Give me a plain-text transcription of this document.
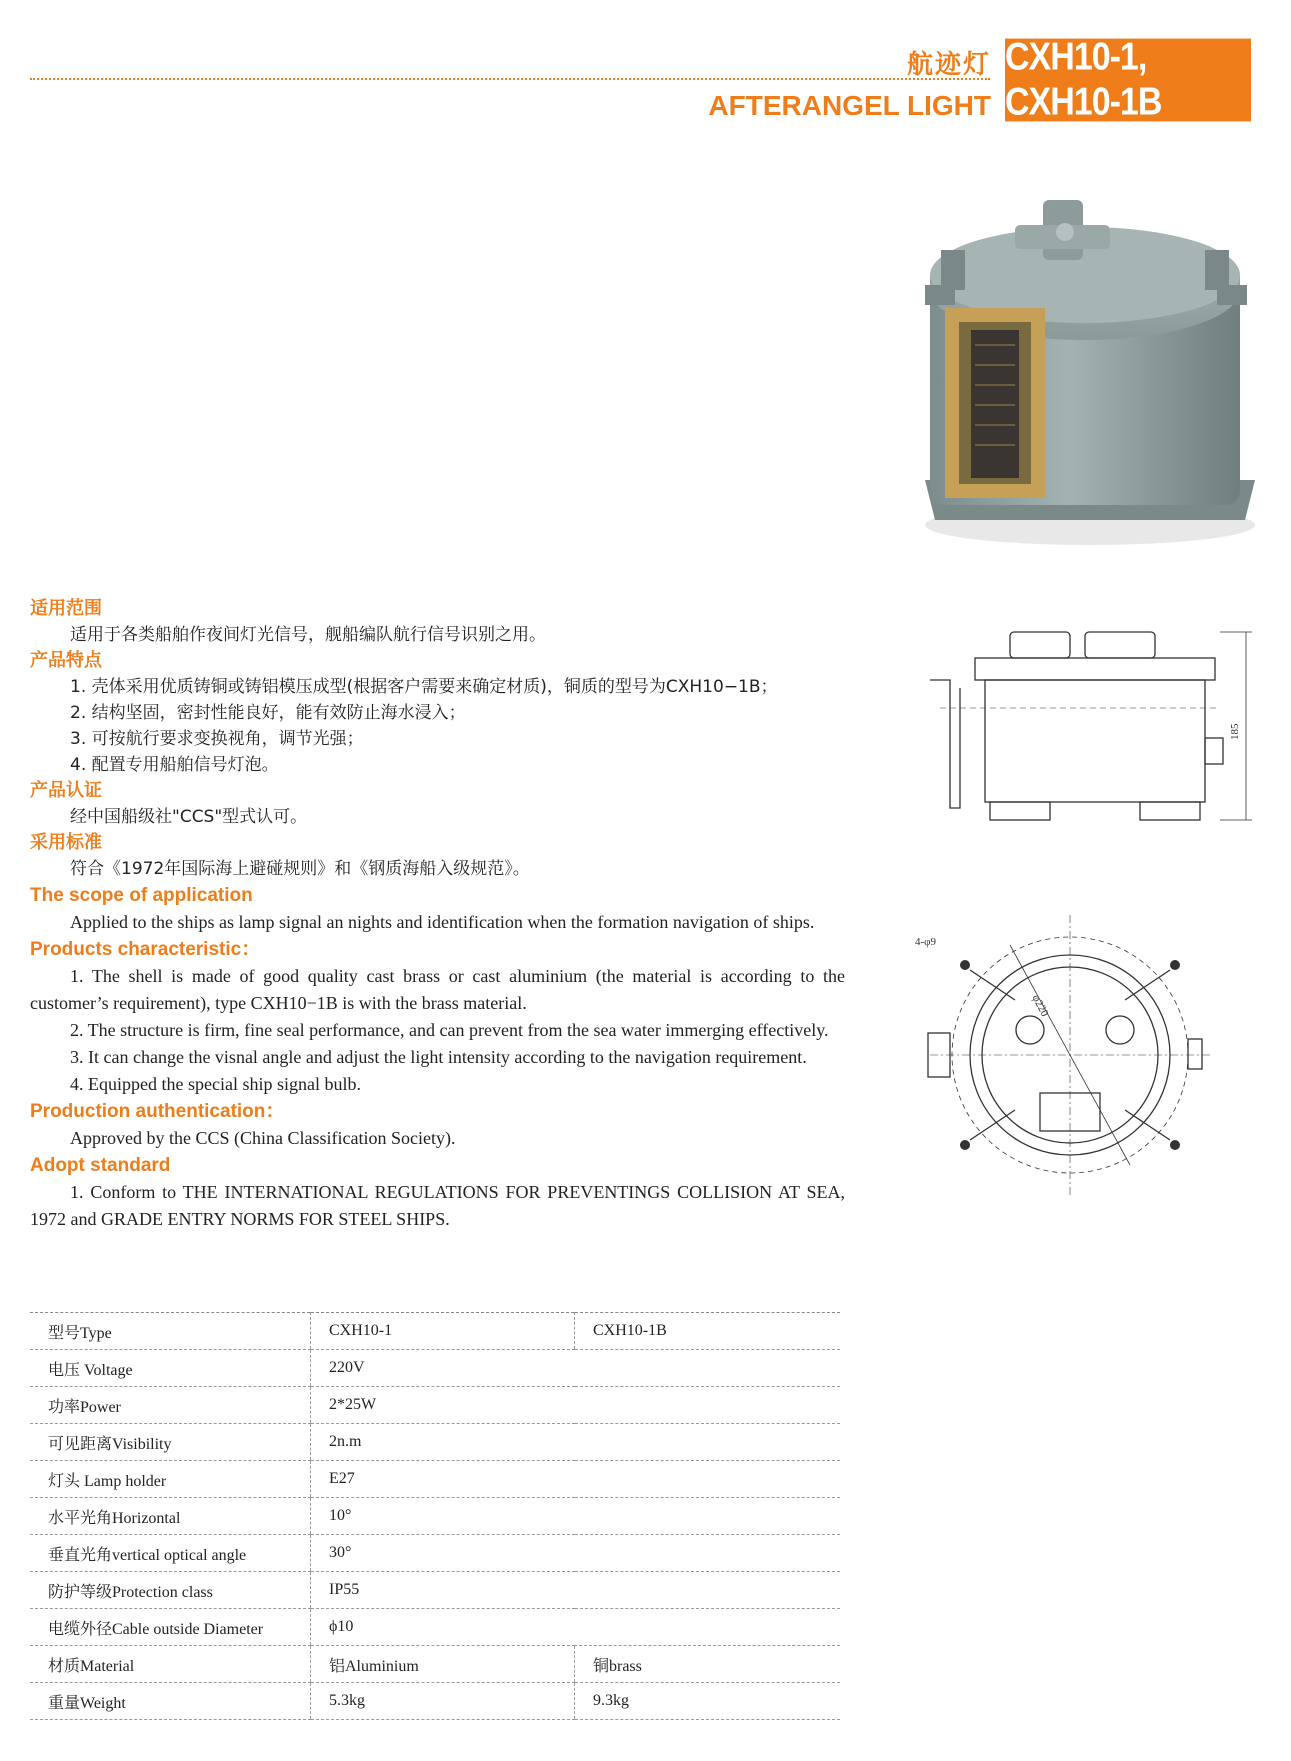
航迹灯
AFTERANGEL LIGHT
CXH10-1, CXH10-1B
185
4-φ9
φ220
适用范围
适用于各类船舶作夜间灯光信号，舰船编队航行信号识别之用。
产品特点
1. 壳体采用优质铸铜或铸铝模压成型(根据客户需要来确定材质)，铜质的型号为CXH10−1B；
2. 结构坚固，密封性能良好，能有效防止海水浸入；
3. 可按航行要求变换视角，调节光强；
4. 配置专用船舶信号灯泡。
产品认证
经中国船级社"CCS"型式认可。
采用标准
符合《1972年国际海上避碰规则》和《钢质海船入级规范》。
The scope of application
Applied to the ships as lamp signal an nights and identification when the formation navigation of ships.
Products characteristic：
1. The shell is made of good quality cast brass or cast aluminium (the material is according to the customer’s requirement), type CXH10−1B is with the brass material.
2. The structure is firm, fine seal performance, and can prevent from the sea water immerging effectively.
3. It can change the visnal angle and adjust the light intensity according to the navigation requirement.
4. Equipped the special ship signal bulb.
Production authentication：
Approved by the CCS (China Classification Society).
Adopt standard
1. Conform to THE INTERNATIONAL REGULATIONS FOR PREVENTINGS COLLISION AT SEA, 1972 and GRADE ENTRY NORMS FOR STEEL SHIPS.
型号Type	CXH10-1	CXH10-1B
电压 Voltage	220V	
功率Power	2*25W	
可见距离Visibility	2n.m	
灯头 Lamp holder	E27	
水平光角Horizontal	10°	
垂直光角vertical optical angle	30°	
防护等级Protection class	IP55	
电缆外径Cable outside Diameter	ϕ10	
材质Material	铝Aluminium	铜brass
重量Weight	5.3kg	9.3kg
